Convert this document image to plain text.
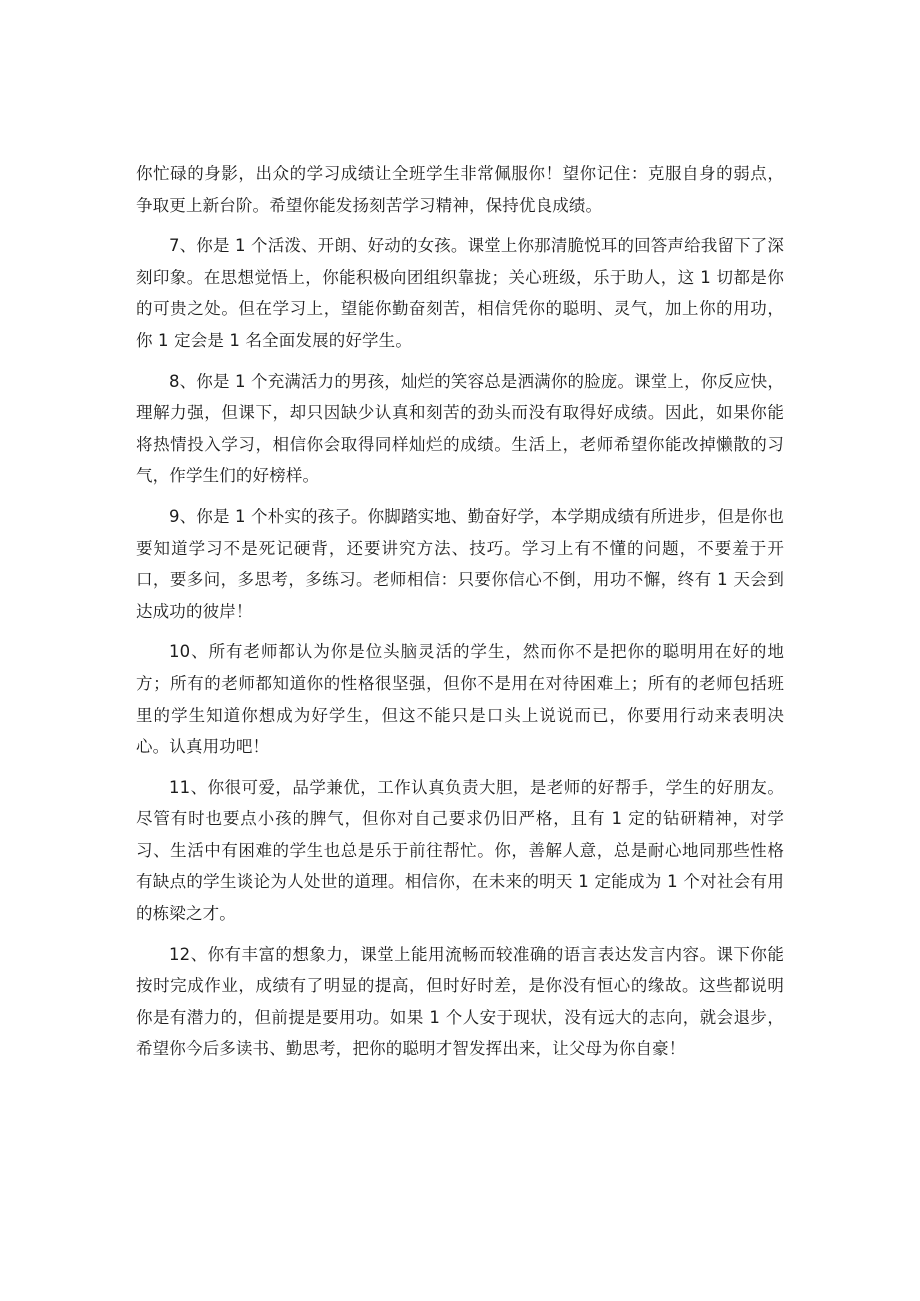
你忙碌的身影，出众的学习成绩让全班学生非常佩服你！望你记住：克服自身的弱点，争取更上新台阶。希望你能发扬刻苦学习精神，保持优良成绩。

7、你是 1 个活泼、开朗、好动的女孩。课堂上你那清脆悦耳的回答声给我留下了深刻印象。在思想觉悟上，你能积极向团组织靠拢；关心班级，乐于助人，这 1 切都是你的可贵之处。但在学习上，望能你勤奋刻苦，相信凭你的聪明、灵气，加上你的用功，你 1 定会是 1 名全面发展的好学生。

8、你是 1 个充满活力的男孩，灿烂的笑容总是洒满你的脸庞。课堂上，你反应快，理解力强，但课下，却只因缺少认真和刻苦的劲头而没有取得好成绩。因此，如果你能将热情投入学习，相信你会取得同样灿烂的成绩。生活上，老师希望你能改掉懒散的习气，作学生们的好榜样。

9、你是 1 个朴实的孩子。你脚踏实地、勤奋好学，本学期成绩有所进步，但是你也要知道学习不是死记硬背，还要讲究方法、技巧。学习上有不懂的问题，不要羞于开口，要多问，多思考，多练习。老师相信：只要你信心不倒，用功不懈，终有 1 天会到达成功的彼岸！

10、所有老师都认为你是位头脑灵活的学生，然而你不是把你的聪明用在好的地方；所有的老师都知道你的性格很坚强，但你不是用在对待困难上；所有的老师包括班里的学生知道你想成为好学生，但这不能只是口头上说说而已，你要用行动来表明决心。认真用功吧！

11、你很可爱，品学兼优，工作认真负责大胆，是老师的好帮手，学生的好朋友。尽管有时也要点小孩的脾气，但你对自己要求仍旧严格，且有 1 定的钻研精神，对学习、生活中有困难的学生也总是乐于前往帮忙。你，善解人意，总是耐心地同那些性格有缺点的学生谈论为人处世的道理。相信你，在未来的明天 1 定能成为 1 个对社会有用的栋梁之才。

12、你有丰富的想象力，课堂上能用流畅而较准确的语言表达发言内容。课下你能按时完成作业，成绩有了明显的提高，但时好时差，是你没有恒心的缘故。这些都说明你是有潜力的，但前提是要用功。如果 1 个人安于现状，没有远大的志向，就会退步，希望你今后多读书、勤思考，把你的聪明才智发挥出来，让父母为你自豪！
